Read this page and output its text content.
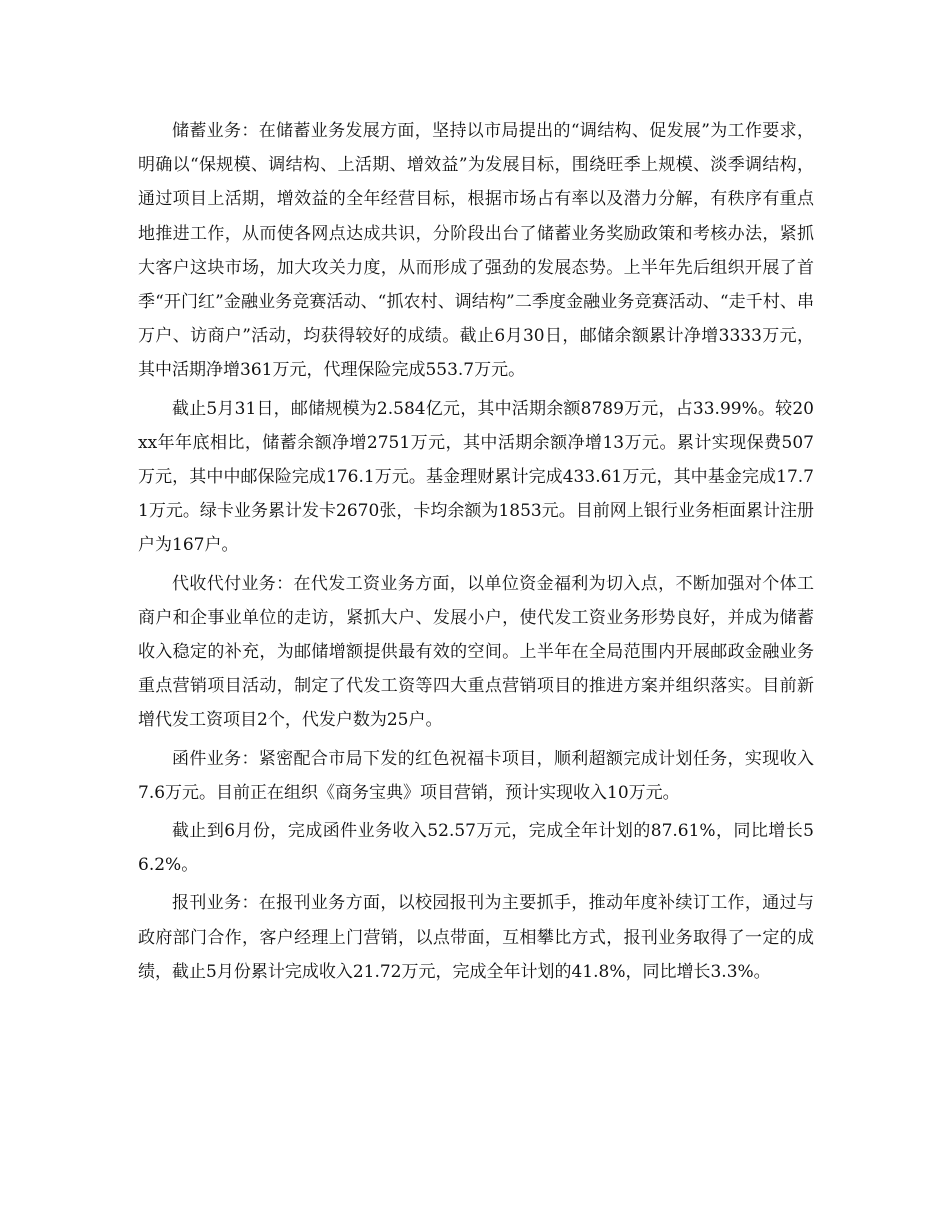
储蓄业务：在储蓄业务发展方面，坚持以市局提出的“调结构、促发展”为工作要求，明确以“保规模、调结构、上活期、增效益”为发展目标，围绕旺季上规模、淡季调结构，通过项目上活期，增效益的全年经营目标，根据市场占有率以及潜力分解，有秩序有重点地推进工作，从而使各网点达成共识，分阶段出台了储蓄业务奖励政策和考核办法，紧抓大客户这块市场，加大攻关力度，从而形成了强劲的发展态势。上半年先后组织开展了首季“开门红”金融业务竞赛活动、“抓农村、调结构”二季度金融业务竞赛活动、“走千村、串万户、访商户”活动，均获得较好的成绩。截止6月30日，邮储余额累计净增3333万元，其中活期净增361万元，代理保险完成553.7万元。

截止5月31日，邮储规模为2.584亿元，其中活期余额8789万元，占33.99%。较20xx年年底相比，储蓄余额净增2751万元，其中活期余额净增13万元。累计实现保费507万元，其中中邮保险完成176.1万元。基金理财累计完成433.61万元，其中基金完成17.71万元。绿卡业务累计发卡2670张，卡均余额为1853元。目前网上银行业务柜面累计注册户为167户。

代收代付业务：在代发工资业务方面，以单位资金福利为切入点，不断加强对个体工商户和企事业单位的走访，紧抓大户、发展小户，使代发工资业务形势良好，并成为储蓄收入稳定的补充，为邮储增额提供最有效的空间。上半年在全局范围内开展邮政金融业务重点营销项目活动，制定了代发工资等四大重点营销项目的推进方案并组织落实。目前新增代发工资项目2个，代发户数为25户。

函件业务：紧密配合市局下发的红色祝福卡项目，顺利超额完成计划任务，实现收入7.6万元。目前正在组织《商务宝典》项目营销，预计实现收入10万元。

截止到6月份，完成函件业务收入52.57万元，完成全年计划的87.61%，同比增长56.2%。

报刊业务：在报刊业务方面，以校园报刊为主要抓手，推动年度补续订工作，通过与政府部门合作，客户经理上门营销，以点带面，互相攀比方式，报刊业务取得了一定的成绩，截止5月份累计完成收入21.72万元，完成全年计划的41.8%，同比增长3.3%。
